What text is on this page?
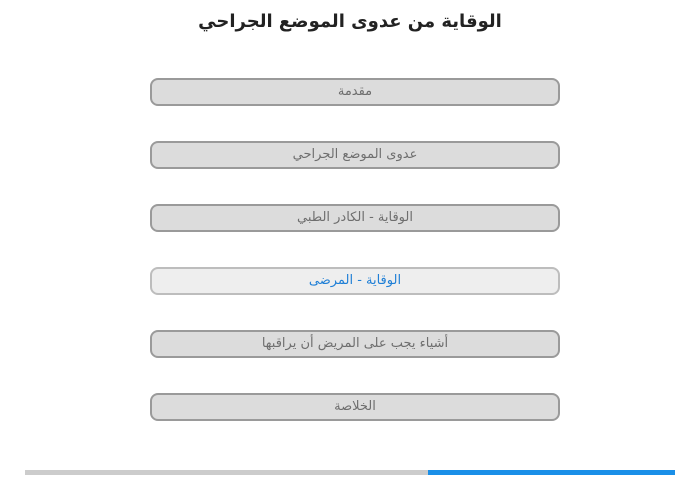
الوقاية من عدوى الموضع الجراحي
مقدمة
عدوى الموضع الجراحي
الوقاية - الكادر الطبي
الوقاية - المرضى
أشياء يجب على المريض أن يراقبها
الخلاصة
